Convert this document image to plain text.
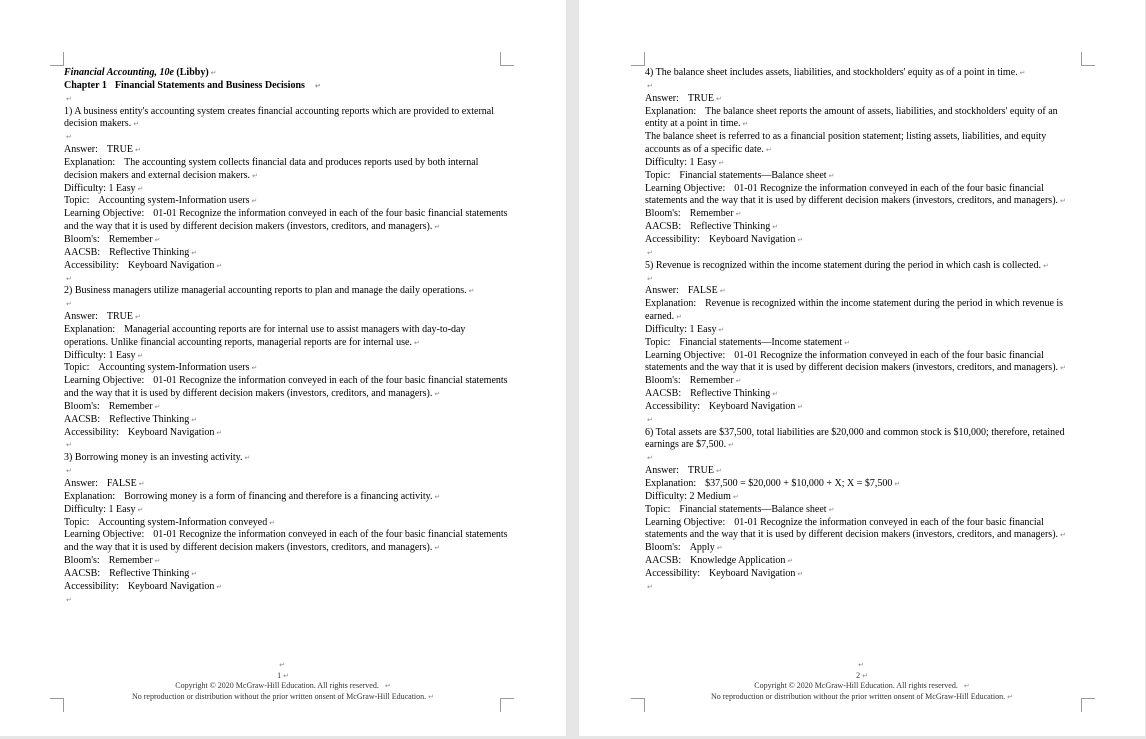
Financial Accounting, 10e (Libby) ↵

Chapter 1 Financial Statements and Business Decisions ↵

↵

1) A business entity's accounting system creates financial accounting reports which are provided to external decision makers. ↵

↵

Answer: TRUE ↵

Explanation: The accounting system collects financial data and produces reports used by both internal decision makers and external decision makers. ↵

Difficulty: 1 Easy ↵

Topic: Accounting system-Information users ↵

Learning Objective: 01-01 Recognize the information conveyed in each of the four basic financial statements and the way that it is used by different decision makers (investors, creditors, and managers). ↵

Bloom's: Remember ↵

AACSB: Reflective Thinking ↵

Accessibility: Keyboard Navigation ↵

↵

2) Business managers utilize managerial accounting reports to plan and manage the daily operations. ↵

↵

Answer: TRUE ↵

Explanation: Managerial accounting reports are for internal use to assist managers with day-to-day operations. Unlike financial accounting reports, managerial reports are for internal use. ↵

Difficulty: 1 Easy ↵

Topic: Accounting system-Information users ↵

Learning Objective: 01-01 Recognize the information conveyed in each of the four basic financial statements and the way that it is used by different decision makers (investors, creditors, and managers). ↵

Bloom's: Remember ↵

AACSB: Reflective Thinking ↵

Accessibility: Keyboard Navigation ↵

↵

3) Borrowing money is an investing activity. ↵

↵

Answer: FALSE ↵

Explanation: Borrowing money is a form of financing and therefore is a financing activity. ↵

Difficulty: 1 Easy ↵

Topic: Accounting system-Information conveyed ↵

Learning Objective: 01-01 Recognize the information conveyed in each of the four basic financial statements and the way that it is used by different decision makers (investors, creditors, and managers). ↵

Bloom's: Remember ↵

AACSB: Reflective Thinking ↵

Accessibility: Keyboard Navigation ↵

↵

↵
1 ↵
Copyright © 2020 McGraw-Hill Education. All rights reserved. ↵
No reproduction or distribution without the prior written onsent of McGraw-Hill Education. ↵

4) The balance sheet includes assets, liabilities, and stockholders' equity as of a point in time. ↵

↵

Answer: TRUE ↵

Explanation: The balance sheet reports the amount of assets, liabilities, and stockholders' equity of an entity at a point in time. ↵

The balance sheet is referred to as a financial position statement; listing assets, liabilities, and equity accounts as of a specific date. ↵

Difficulty: 1 Easy ↵

Topic: Financial statements—Balance sheet ↵

Learning Objective: 01-01 Recognize the information conveyed in each of the four basic financial statements and the way that it is used by different decision makers (investors, creditors, and managers). ↵

Bloom's: Remember ↵

AACSB: Reflective Thinking ↵

Accessibility: Keyboard Navigation ↵

↵

5) Revenue is recognized within the income statement during the period in which cash is collected. ↵

↵

Answer: FALSE ↵

Explanation: Revenue is recognized within the income statement during the period in which revenue is earned. ↵

Difficulty: 1 Easy ↵

Topic: Financial statements—Income statement ↵

Learning Objective: 01-01 Recognize the information conveyed in each of the four basic financial statements and the way that it is used by different decision makers (investors, creditors, and managers). ↵

Bloom's: Remember ↵

AACSB: Reflective Thinking ↵

Accessibility: Keyboard Navigation ↵

↵

6) Total assets are $37,500, total liabilities are $20,000 and common stock is $10,000; therefore, retained earnings are $7,500. ↵

↵

Answer: TRUE ↵

Explanation: $37,500 = $20,000 + $10,000 + X; X = $7,500 ↵

Difficulty: 2 Medium ↵

Topic: Financial statements—Balance sheet ↵

Learning Objective: 01-01 Recognize the information conveyed in each of the four basic financial statements and the way that it is used by different decision makers (investors, creditors, and managers). ↵

Bloom's: Apply ↵

AACSB: Knowledge Application ↵

Accessibility: Keyboard Navigation ↵

↵

↵
2 ↵
Copyright © 2020 McGraw-Hill Education. All rights reserved. ↵
No reproduction or distribution without the prior written onsent of McGraw-Hill Education. ↵
